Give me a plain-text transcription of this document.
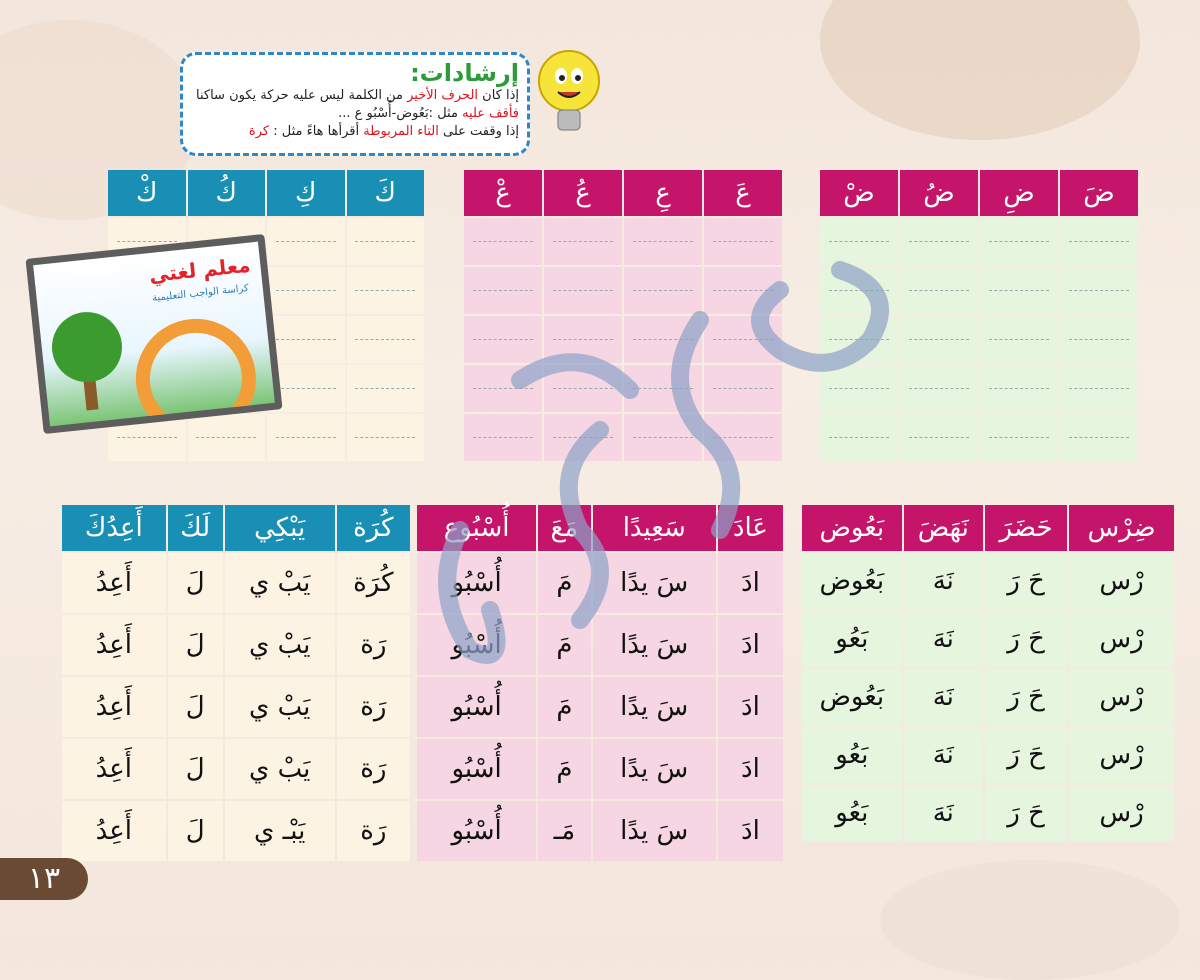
إرشادات:
إذا كان الحرف الأخير من الكلمة ليس عليه حركة يكون ساكنا
فأقف عليه مثل :بَعُوض-أُسْبُو ع ...
إذا وقفت على التاء المربوطة أقرأها هاءً مثل : كرة
كْ	كُ	كِ	كَ

		عْ	عُ	عِ	عَ

		ضْ	ضُ	ضِ	ضَ

معلم لغتي
كراسة الواجب التعليمية
أَعِدُكَ	لَكَ	يَبْكِي	كُرَة
أَعِدُ	لَ	يَبْ ي	كُرَة
أَعِدُ	لَ	يَبْ ي	رَة
أَعِدُ	لَ	يَبْ ي	رَة
أَعِدُ	لَ	يَبْ ي	رَة
أَعِدُ	لَ	يَبْـ ي	رَة
أُسْبُوع	مَعَ	سَعِيدًا	عَادَ
أُسْبُو	مَ	سَ يدًا	ادَ
أُسْبُو	مَ	سَ يدًا	ادَ
أُسْبُو	مَ	سَ يدًا	ادَ
أُسْبُو	مَ	سَ يدًا	ادَ
أُسْبُو	مَـ	سَ يدًا	ادَ
بَعُوض	نَهَضَ	حَضَرَ	ضِرْس
بَعُوض	نَهَ	حَ رَ	رْس
بَعُو	نَهَ	حَ رَ	رْس
بَعُوض	نَهَ	حَ رَ	رْس
بَعُو	نَهَ	حَ رَ	رْس
بَعُو	نَهَ	حَ رَ	رْس
١٣
